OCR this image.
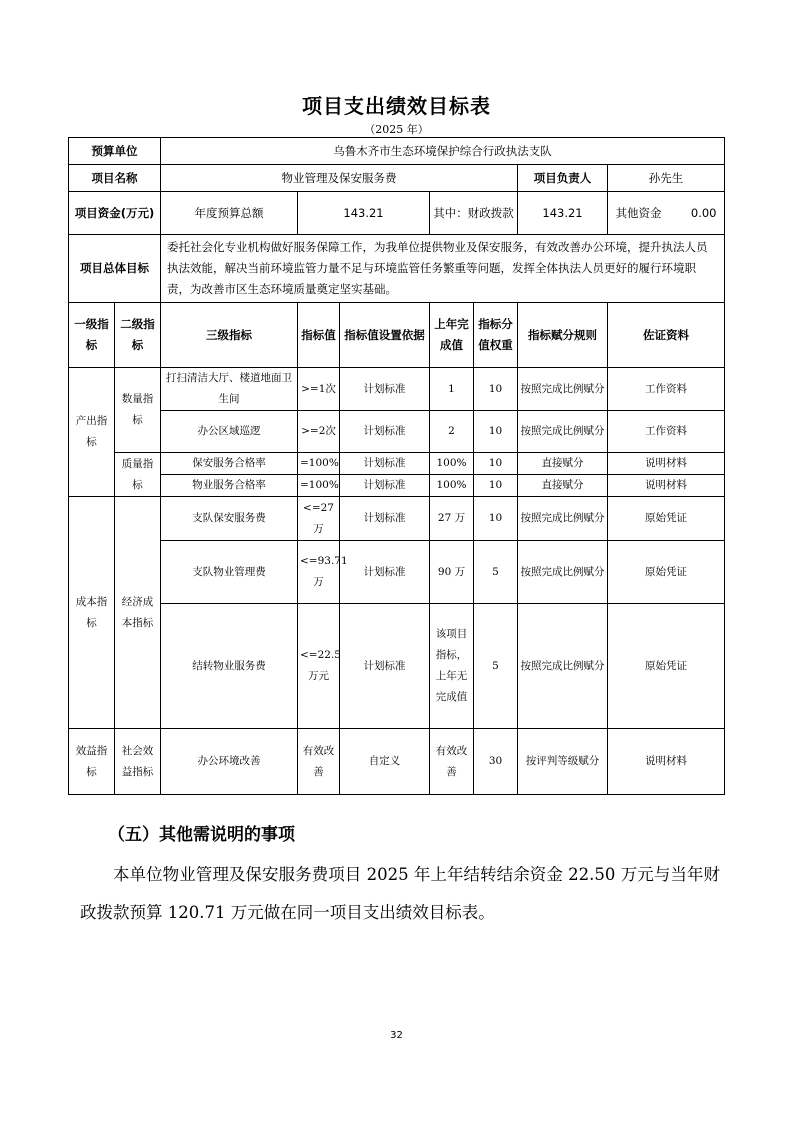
项目支出绩效目标表
（2025 年）
预算单位		乌鲁木齐市生态环境保护综合行政执法支队						
项目名称		物业管理及保安服务费					项目负责人	孙先生
项目资金(万元)		年度预算总额	143.21		其中：财政拨款		143.21	其他资金 0.00
项目总体目标		委托社会化专业机构做好服务保障工作，为我单位提供物业及保安服务，有效改善办公环境，提升执法人员执法效能，解决当前环境监管力量不足与环境监管任务繁重等问题，发挥全体执法人员更好的履行环境职责，为改善市区生态环境质量奠定坚实基础。						
一级指标	二级指标	三级指标	指标值	指标值设置依据	上年完成值	指标分值权重	指标赋分规则	佐证资料
产出指标	数量指标	打扫清洁大厅、楼道地面卫生间	>=1次	计划标准	1	10	按照完成比例赋分	工作资料
		办公区域巡逻	>=2次	计划标准	2	10	按照完成比例赋分	工作资料
	质量指标	保安服务合格率	=100%	计划标准	100%	10	直接赋分	说明材料
		物业服务合格率	=100%	计划标准	100%	10	直接赋分	说明材料
成本指标	经济成本指标	支队保安服务费	<=27万	计划标准	27 万	10	按照完成比例赋分	原始凭证
		支队物业管理费	<=93.71 万	计划标准	90 万	5	按照完成比例赋分	原始凭证
		结转物业服务费	<=22.5 万元	计划标准	该项目指标，上年无完成值	5	按照完成比例赋分	原始凭证
效益指标	社会效益指标	办公环境改善	有效改善	自定义	有效改善	30	按评判等级赋分	说明材料
（五）其他需说明的事项
本单位物业管理及保安服务费项目 2025 年上年结转结余资金 22.50 万元与当年财政拨款预算 120.71 万元做在同一项目支出绩效目标表。
32
